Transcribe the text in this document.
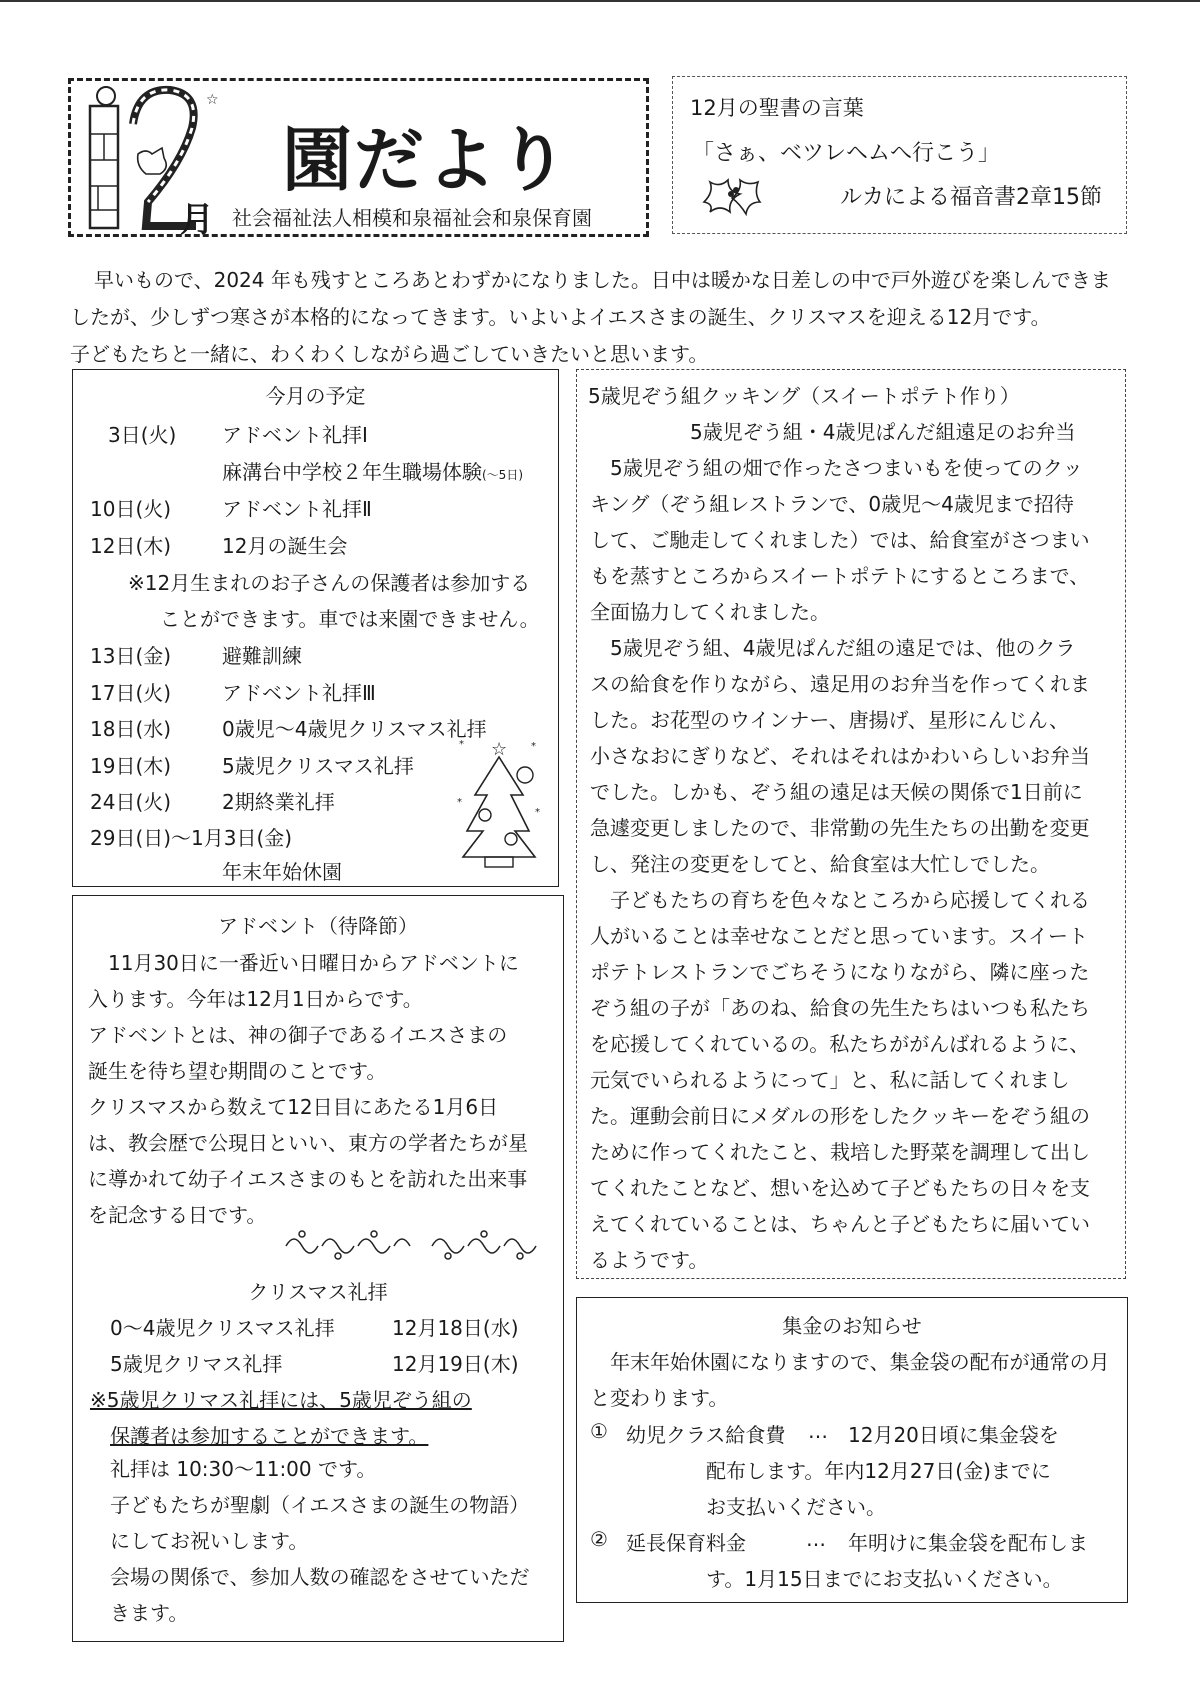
☆
月
園だより
社会福祉法人相模和泉福祉会和泉保育園
12月の聖書の言葉
「さぁ、ベツレヘムへ行こう」
ルカによる福音書2章15節
早いもので、2024 年も残すところあとわずかになりました。日中は暖かな日差しの中で戸外遊びを楽しんできま
したが、少しずつ寒さが本格的になってきます。いよいよイエスさまの誕生、クリスマスを迎える12月です。
子どもたちと一緒に、わくわくしながら過ごしていきたいと思います。
今月の予定
3日(火) アドベント礼拝Ⅰ
麻溝台中学校２年生職場体験(～5日)
10日(火)	アドベント礼拝Ⅱ
12日(木)	12月の誕生会
※12月生まれのお子さんの保護者は参加する
ことができます。車では来園できません。
13日(金)	避難訓練
17日(火)	アドベント礼拝Ⅲ
18日(水)	0歳児～4歳児クリスマス礼拝
19日(木)	5歳児クリスマス礼拝
24日(火)	2期終業礼拝
29日(日)～1月3日(金)
年末年始休園
☆
*	*
*
*
アドベント（待降節）
11月30日に一番近い日曜日からアドベントに
入ります。今年は12月1日からです。
アドベントとは、神の御子であるイエスさまの
誕生を待ち望む期間のことです。
クリスマスから数えて12日目にあたる1月6日
は、教会歴で公現日といい、東方の学者たちが星
に導かれて幼子イエスさまのもとを訪れた出来事
を記念する日です。
クリスマス礼拝
0～4歳児クリスマス礼拝	12月18日(水)
5歳児クリマス礼拝	12月19日(木)
※5歳児クリマス礼拝には、5歳児ぞう組の
保護者は参加することができます。
礼拝は 10:30～11:00 です。
子どもたちが聖劇（イエスさまの誕生の物語）
にしてお祝いします。
会場の関係で、参加人数の確認をさせていただ
きます。
5歳児ぞう組クッキング（スイートポテト作り）
5歳児ぞう組・4歳児ぱんだ組遠足のお弁当
5歳児ぞう組の畑で作ったさつまいもを使ってのクッ
キング（ぞう組レストランで、0歳児～4歳児まで招待
して、ご馳走してくれました）では、給食室がさつまい
もを蒸すところからスイートポテトにするところまで、
全面協力してくれました。
5歳児ぞう組、4歳児ぱんだ組の遠足では、他のクラ
スの給食を作りながら、遠足用のお弁当を作ってくれま
した。お花型のウインナー、唐揚げ、星形にんじん、
小さなおにぎりなど、それはそれはかわいらしいお弁当
でした。しかも、ぞう組の遠足は天候の関係で1日前に
急遽変更しましたので、非常勤の先生たちの出勤を変更
し、発注の変更をしてと、給食室は大忙しでした。
子どもたちの育ちを色々なところから応援してくれる
人がいることは幸せなことだと思っています。スイート
ポテトレストランでごちそうになりながら、隣に座った
ぞう組の子が「あのね、給食の先生たちはいつも私たち
を応援してくれているの。私たちががんばれるように、
元気でいられるようにって」と、私に話してくれまし
た。運動会前日にメダルの形をしたクッキーをぞう組の
ために作ってくれたこと、栽培した野菜を調理して出し
てくれたことなど、想いを込めて子どもたちの日々を支
えてくれていることは、ちゃんと子どもたちに届いてい
るようです。
集金のお知らせ
年末年始休園になりますので、集金袋の配布が通常の月
と変わります。
① 幼児クラス給食費 … 12月20日頃に集金袋を
配布します。年内12月27日(金)までに
お支払いください。
② 延長保育料金	… 年明けに集金袋を配布しま
す。1月15日までにお支払いください。
